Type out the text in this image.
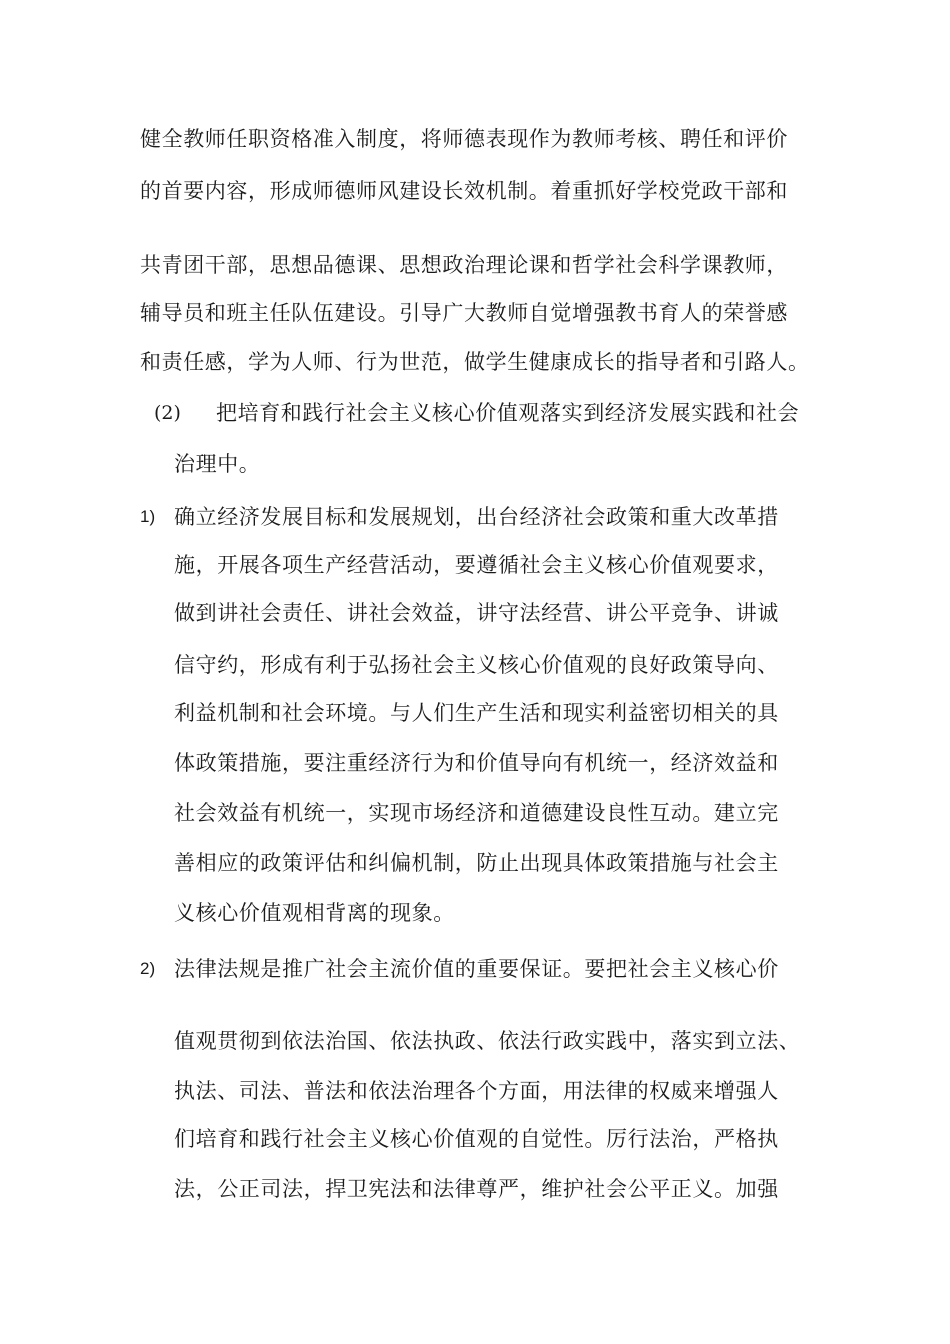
健全教师任职资格准入制度，将师德表现作为教师考核、聘任和评价
的首要内容，形成师德师风建设长效机制。着重抓好学校党政干部和
共青团干部，思想品德课、思想政治理论课和哲学社会科学课教师，
辅导员和班主任队伍建设。引导广大教师自觉增强教书育人的荣誉感
和责任感，学为人师、行为世范，做学生健康成长的指导者和引路人。
(2) 把培育和践行社会主义核心价值观落实到经济发展实践和社会
治理中。
1) 确立经济发展目标和发展规划，出台经济社会政策和重大改革措
施，开展各项生产经营活动，要遵循社会主义核心价值观要求，
做到讲社会责任、讲社会效益，讲守法经营、讲公平竞争、讲诚
信守约，形成有利于弘扬社会主义核心价值观的良好政策导向、
利益机制和社会环境。与人们生产生活和现实利益密切相关的具
体政策措施，要注重经济行为和价值导向有机统一，经济效益和
社会效益有机统一，实现市场经济和道德建设良性互动。建立完
善相应的政策评估和纠偏机制，防止出现具体政策措施与社会主
义核心价值观相背离的现象。
2) 法律法规是推广社会主流价值的重要保证。要把社会主义核心价
值观贯彻到依法治国、依法执政、依法行政实践中，落实到立法、
执法、司法、普法和依法治理各个方面，用法律的权威来增强人
们培育和践行社会主义核心价值观的自觉性。厉行法治，严格执
法，公正司法，捍卫宪法和法律尊严，维护社会公平正义。加强
